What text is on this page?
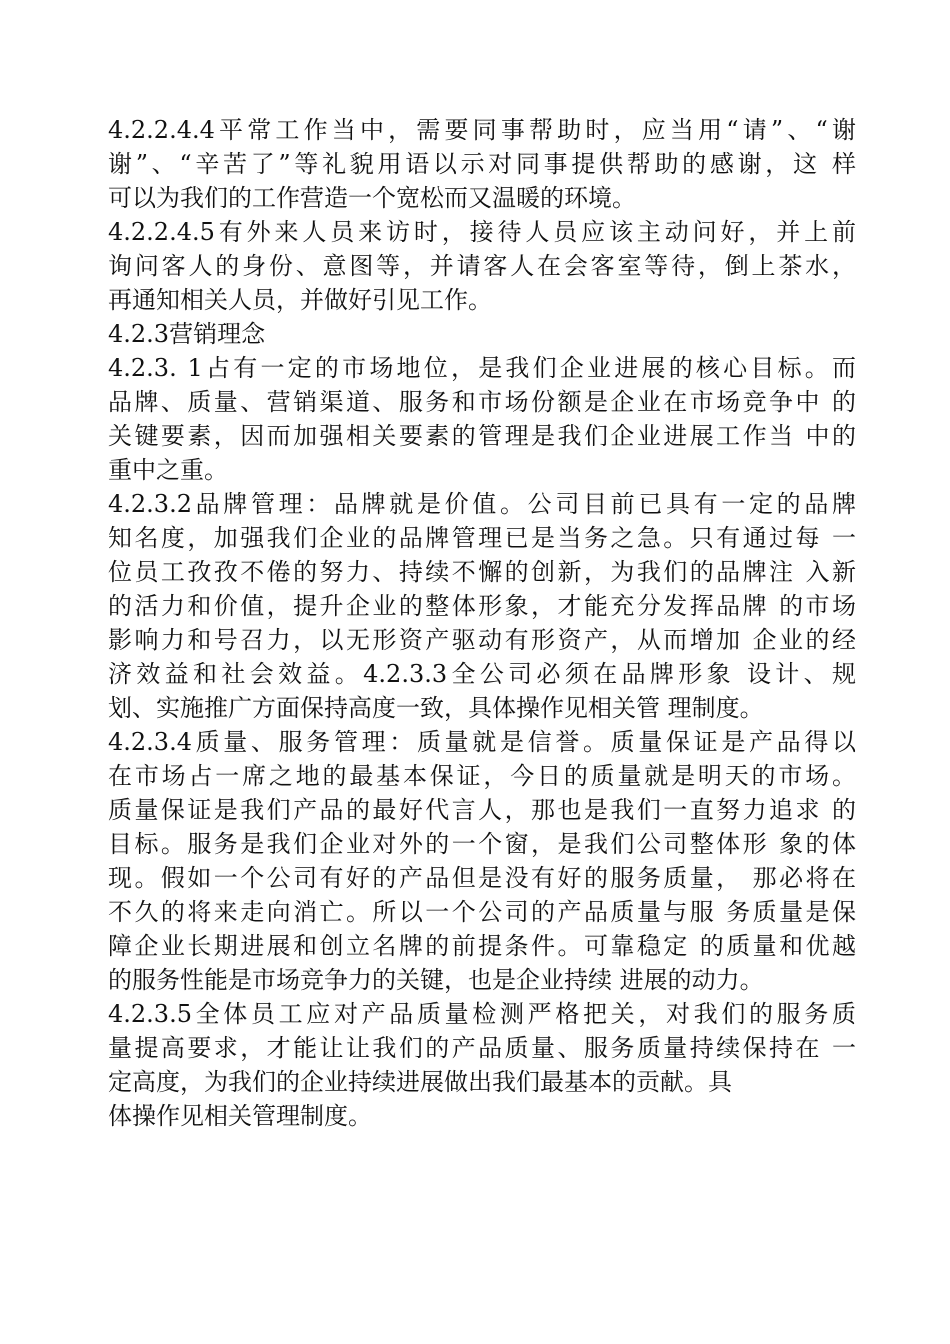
4.2.2.4.4平常工作当中，需要同事帮助时，应当用“请”、“谢
谢”、“辛苦了”等礼貌用语以示对同事提供帮助的感谢，这 样
可以为我们的工作营造一个宽松而又温暖的环境。
4.2.2.4.5有外来人员来访时，接待人员应该主动问好，并上前
询问客人的身份、意图等，并请客人在会客室等待，倒上茶水，
再通知相关人员，并做好引见工作。
4.2.3营销理念
4.2.3. 1占有一定的市场地位，是我们企业进展的核心目标。而
品牌、质量、营销渠道、服务和市场份额是企业在市场竞争中 的
关键要素，因而加强相关要素的管理是我们企业进展工作当 中的
重中之重。
4.2.3.2品牌管理：品牌就是价值。公司目前已具有一定的品牌
知名度，加强我们企业的品牌管理已是当务之急。只有通过每 一
位员工孜孜不倦的努力、持续不懈的创新，为我们的品牌注 入新
的活力和价值，提升企业的整体形象，才能充分发挥品牌 的市场
影响力和号召力，以无形资产驱动有形资产，从而增加 企业的经
济效益和社会效益。4.2.3.3全公司必须在品牌形象 设计、规
划、实施推广方面保持高度一致，具体操作见相关管 理制度。
4.2.3.4质量、服务管理：质量就是信誉。质量保证是产品得以
在市场占一席之地的最基本保证，今日的质量就是明天的市场。
质量保证是我们产品的最好代言人，那也是我们一直努力追求 的
目标。服务是我们企业对外的一个窗，是我们公司整体形 象的体
现。假如一个公司有好的产品但是没有好的服务质量， 那必将在
不久的将来走向消亡。所以一个公司的产品质量与服 务质量是保
障企业长期进展和创立名牌的前提条件。可靠稳定 的质量和优越
的服务性能是市场竞争力的关键，也是企业持续 进展的动力。
4.2.3.5全体员工应对产品质量检测严格把关，对我们的服务质
量提高要求，才能让让我们的产品质量、服务质量持续保持在 一
定高度，为我们的企业持续进展做出我们最基本的贡献。具
体操作见相关管理制度。
